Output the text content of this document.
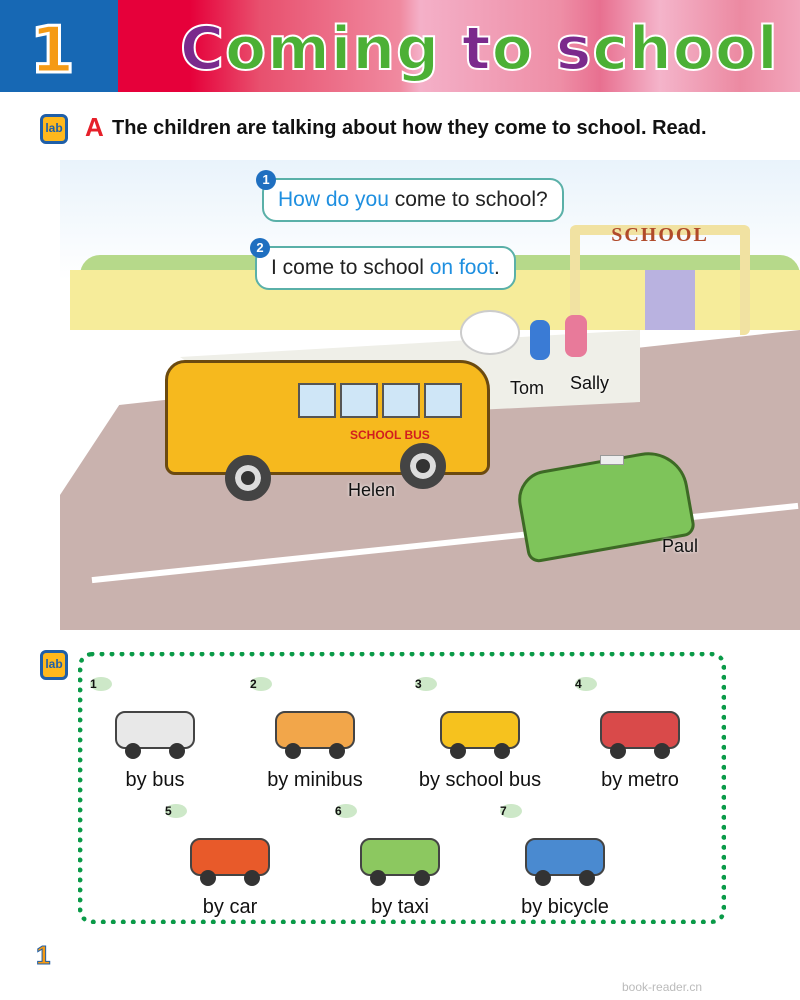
1 Coming to school
lab A The children are talking about how they come to school. Read.
SCHOOL
SCHOOL BUS
Tom Sally
Helen
Paul
How do you come to school?
1
I come to school on foot.
2
lab
1
by bus
2
by minibus
3
by school bus
4
by metro
5
by car
6
by taxi
7
by bicycle
1
book-reader.cn
